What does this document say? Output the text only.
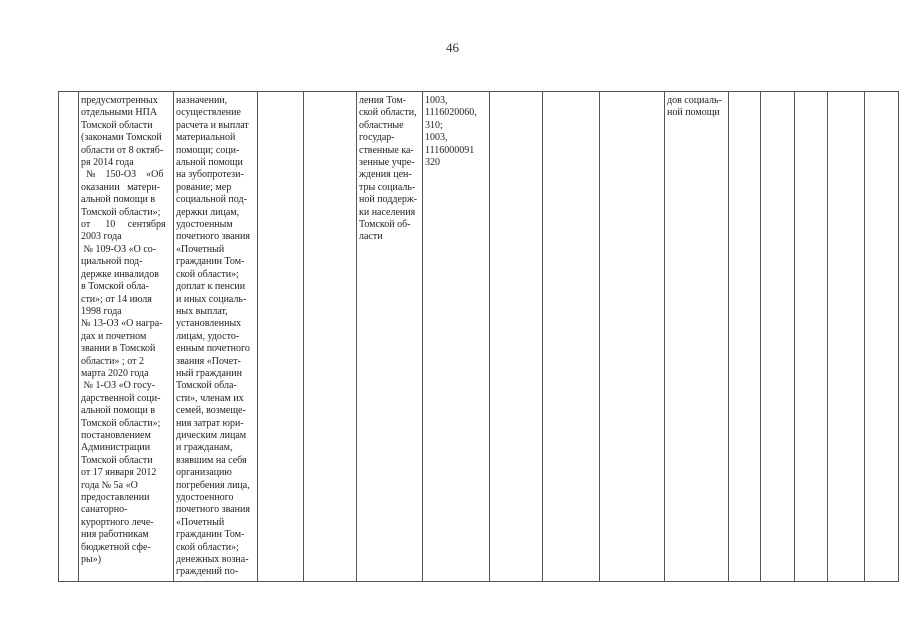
46
	предусмотренных
отдельными НПА
Томской области
(законами Томской
области от 8 октяб-
ря 2014 года
№    150-ОЗ    «Об
оказании   матери-
альной помощи в
Томской области»;
от      10     сентября
2003 года
№ 109-ОЗ «О со-
циальной под-
держке инвалидов
в Томской обла-
сти»; от 14 июля
1998 года
№ 13-ОЗ «О награ-
дах и почетном
звании в Томской
области» ; от 2
марта 2020 года
№ 1-ОЗ «О госу-
дарственной соци-
альной помощи в
Томской области»;
постановлением
Администрации
Томской области
от 17 января 2012
года № 5а «О
предоставлении
санаторно-
курортного лече-
ния работникам
бюджетной сфе-
ры»)	назначении,
осуществление
расчета и выплат
материальной
помощи; соци-
альной помощи
на зубопротези-
рование; мер
социальной под-
держки лицам,
удостоенным
почетного звания
«Почетный
гражданин Том-
ской области»;
доплат к пенсии
и иных социаль-
ных выплат,
установленных
лицам, удосто-
енным почетного
звания «Почет-
ный гражданин
Томской обла-
сти», членам их
семей, возмеще-
ния затрат юри-
дическим лицам
и гражданам,
взявшим на себя
организацию
погребения лица,
удостоенного
почетного звания
«Почетный
гражданин Том-
ской области»;
денежных возна-
граждений по-			ления Том-
ской области,
областные
государ-
ственные ка-
зенные учре-
ждения цен-
тры социаль-
ной поддерж-
ки населения
Томской об-
ласти	1003,
1116020060,
310;
1003,
1116000091
320				дов социаль-
ной помощи					
